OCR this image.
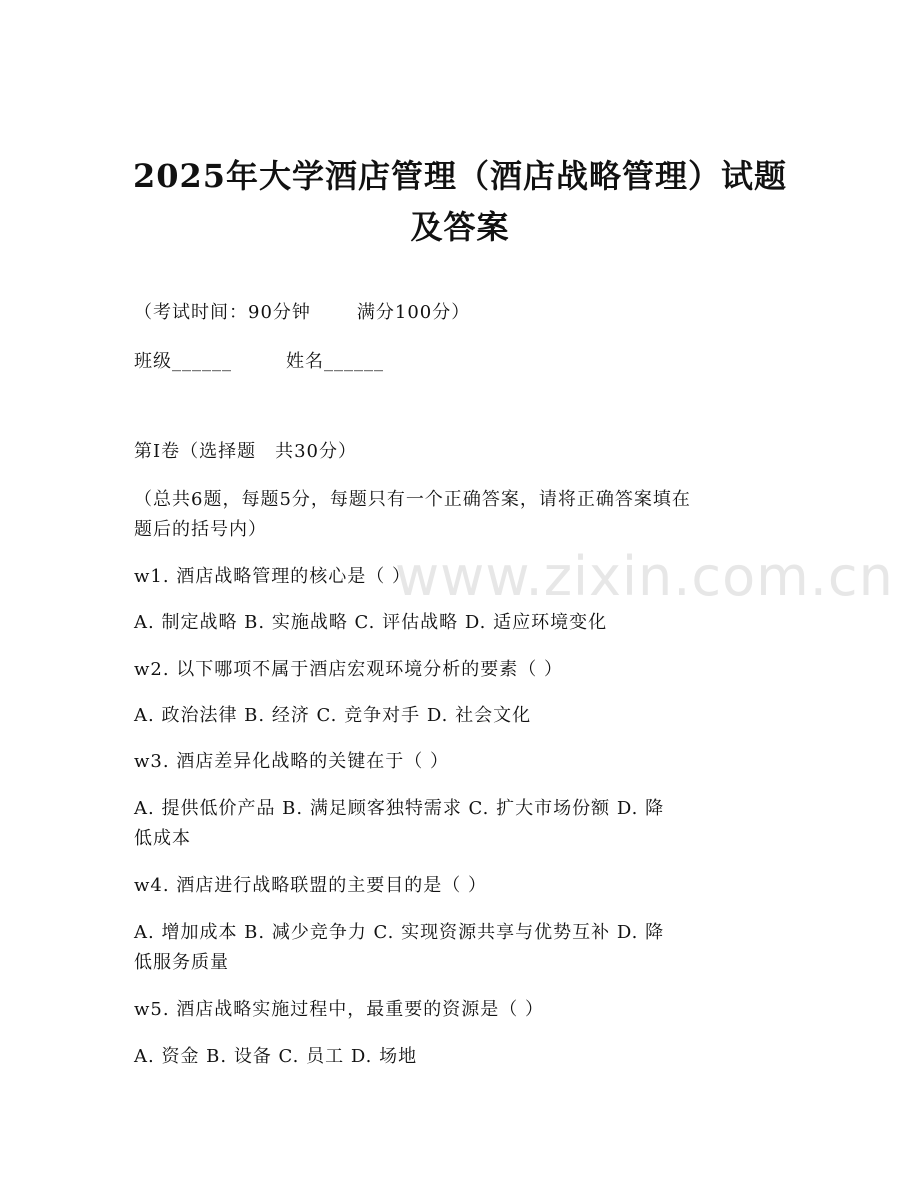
www.zixin.com.cn
2025年大学酒店管理（酒店战略管理）试题
及答案
（考试时间：90分钟	满分100分）
班级______	姓名______
第I卷（选择题　共30分）
（总共6题，每题5分，每题只有一个正确答案，请将正确答案填在
题后的括号内）
w1. 酒店战略管理的核心是（ ）
A. 制定战略 B. 实施战略 C. 评估战略 D. 适应环境变化
w2. 以下哪项不属于酒店宏观环境分析的要素（ ）
A. 政治法律 B. 经济 C. 竞争对手 D. 社会文化
w3. 酒店差异化战略的关键在于（ ）
A. 提供低价产品 B. 满足顾客独特需求 C. 扩大市场份额 D. 降
低成本
w4. 酒店进行战略联盟的主要目的是（ ）
A. 增加成本 B. 减少竞争力 C. 实现资源共享与优势互补 D. 降
低服务质量
w5. 酒店战略实施过程中，最重要的资源是（ ）
A. 资金 B. 设备 C. 员工 D. 场地
